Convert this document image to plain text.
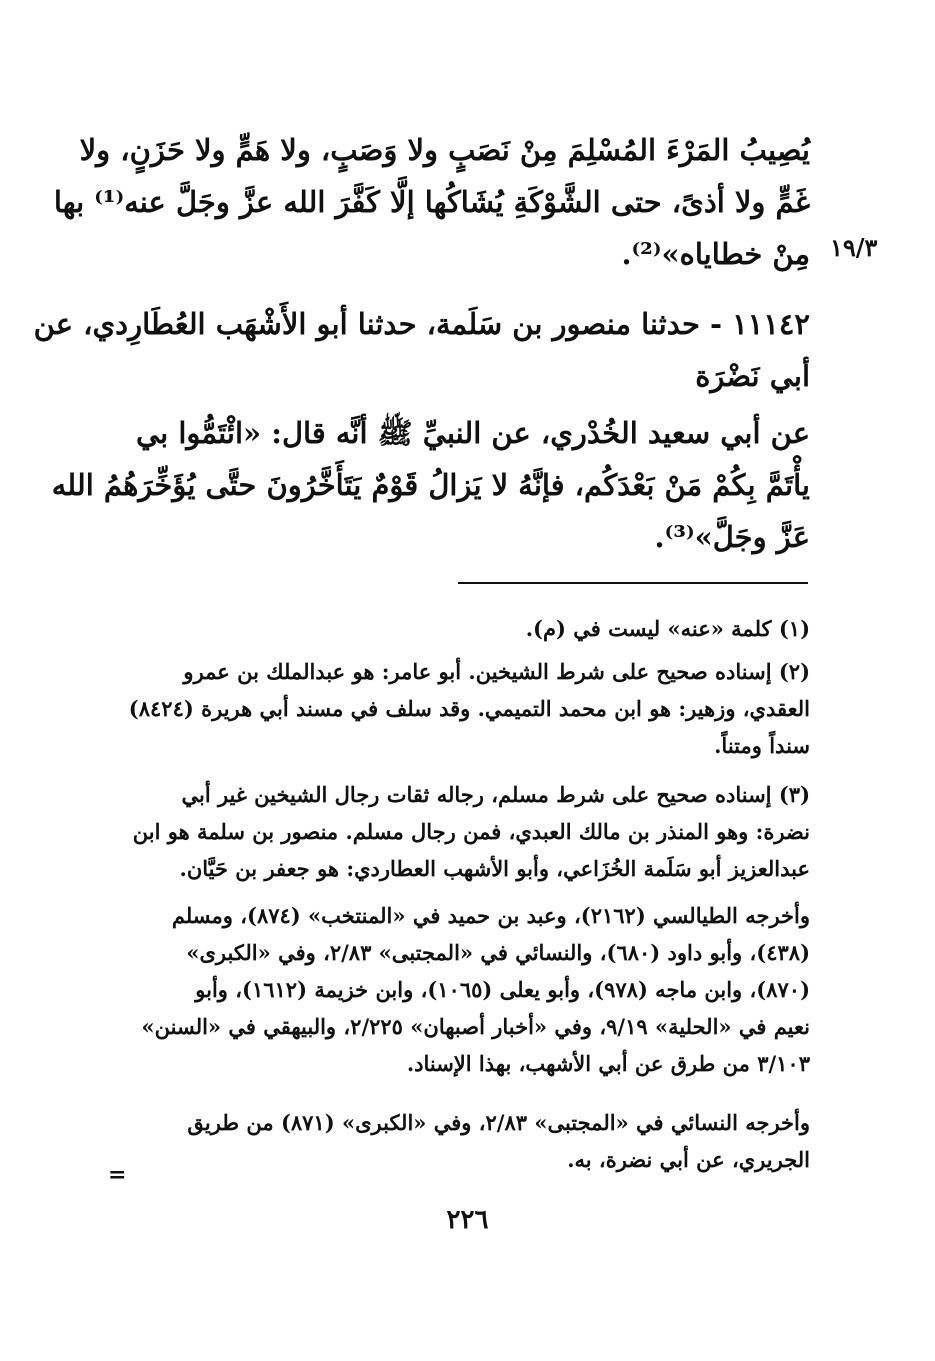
١٩/٣
يُصِيبُ المَرْءَ المُسْلِمَ مِنْ نَصَبٍ ولا وَصَبٍ، ولا هَمٍّ ولا حَزَنٍ، ولا
غَمٍّ ولا أذىً، حتى الشَّوْكَةِ يُشَاكُها إلَّا كَفَّرَ الله عزَّ وجَلَّ عنه⁽¹⁾ بها
مِنْ خطاياه»⁽²⁾.
١١١٤٢ - حدثنا منصور بن سَلَمة، حدثنا أبو الأَشْهَب العُطَارِدي، عن
أبي نَضْرَة
عن أبي سعيد الخُدْري، عن النبيِّ ﷺ أنَّه قال: «ائْتَمُّوا بي
يأْتَمَّ بِكُمْ مَنْ بَعْدَكُم، فإنَّهُ لا يَزالُ قَوْمٌ يَتَأَخَّرُونَ حتَّى يُؤَخِّرَهُمُ الله
عَزَّ وجَلَّ»⁽³⁾.
(١) كلمة «عنه» ليست في (م).
(٢) إسناده صحيح على شرط الشيخين. أبو عامر: هو عبدالملك بن عمرو
العقدي، وزهير: هو ابن محمد التميمي. وقد سلف في مسند أبي هريرة (٨٤٢٤)
سنداً ومتناً.
(٣) إسناده صحيح على شرط مسلم، رجاله ثقات رجال الشيخين غير أبي
نضرة: وهو المنذر بن مالك العبدي، فمن رجال مسلم. منصور بن سلمة هو ابن
عبدالعزيز أبو سَلَمة الخُزَاعي، وأبو الأشهب العطاردي: هو جعفر بن حَيَّان.
وأخرجه الطيالسي (٢١٦٢)، وعبد بن حميد في «المنتخب» (٨٧٤)، ومسلم
(٤٣٨)، وأبو داود (٦٨٠)، والنسائي في «المجتبى» ٢/٨٣، وفي «الكبرى»
(٨٧٠)، وابن ماجه (٩٧٨)، وأبو يعلى (١٠٦٥)، وابن خزيمة (١٦١٢)، وأبو
نعيم في «الحلية» ٩/١٩، وفي «أخبار أصبهان» ٢/٢٢٥، والبيهقي في «السنن»
٣/١٠٣ من طرق عن أبي الأشهب، بهذا الإسناد.
وأخرجه النسائي في «المجتبى» ٢/٨٣، وفي «الكبرى» (٨٧١) من طريق
الجريري، عن أبي نضرة، به.
=
٢٢٦
